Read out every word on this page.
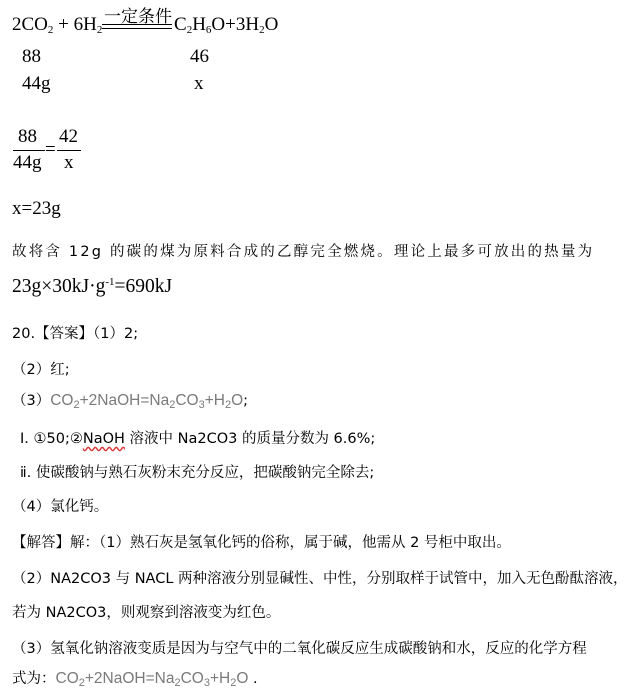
$2CO_2 + 6H_2$
一定条件 $C_2H_6O+3H_2O$
88	46
44g	x
88
44g
=
42
x
x=23g
故将含 12g 的碳的煤为原料合成的乙醇完全燃烧。理论上最多可放出的热量为
$23g\times 30kJ\cdot g^{-1}=690kJ$
20.【答案】（1）2;
（2）红;
$(3)CO_2+2NaOH=Na_2CO_3+H_2O$;
Ⅰ. ①50;②NaOH 溶液中 Na2CO3 的质量分数为 6.6%;
ⅱ. 使碳酸钠与熟石灰粉末充分反应，把碳酸钠完全除去;
（4）氯化钙。
【解答】解：（1）熟石灰是氢氧化钙的俗称，属于碱，他需从 2 号柜中取出。
（2）NA2CO3 与 NACL 两种溶液分别显碱性、中性，分别取样于试管中，加入无色酚酞溶液，
若为 NA2CO3，则观察到溶液变为红色。
（3）氢氧化钠溶液变质是因为与空气中的二氧化碳反应生成碳酸钠和水，反应的化学方程
式为：$CO_2+2NaOH=Na_2CO_3+H_2O$ .
